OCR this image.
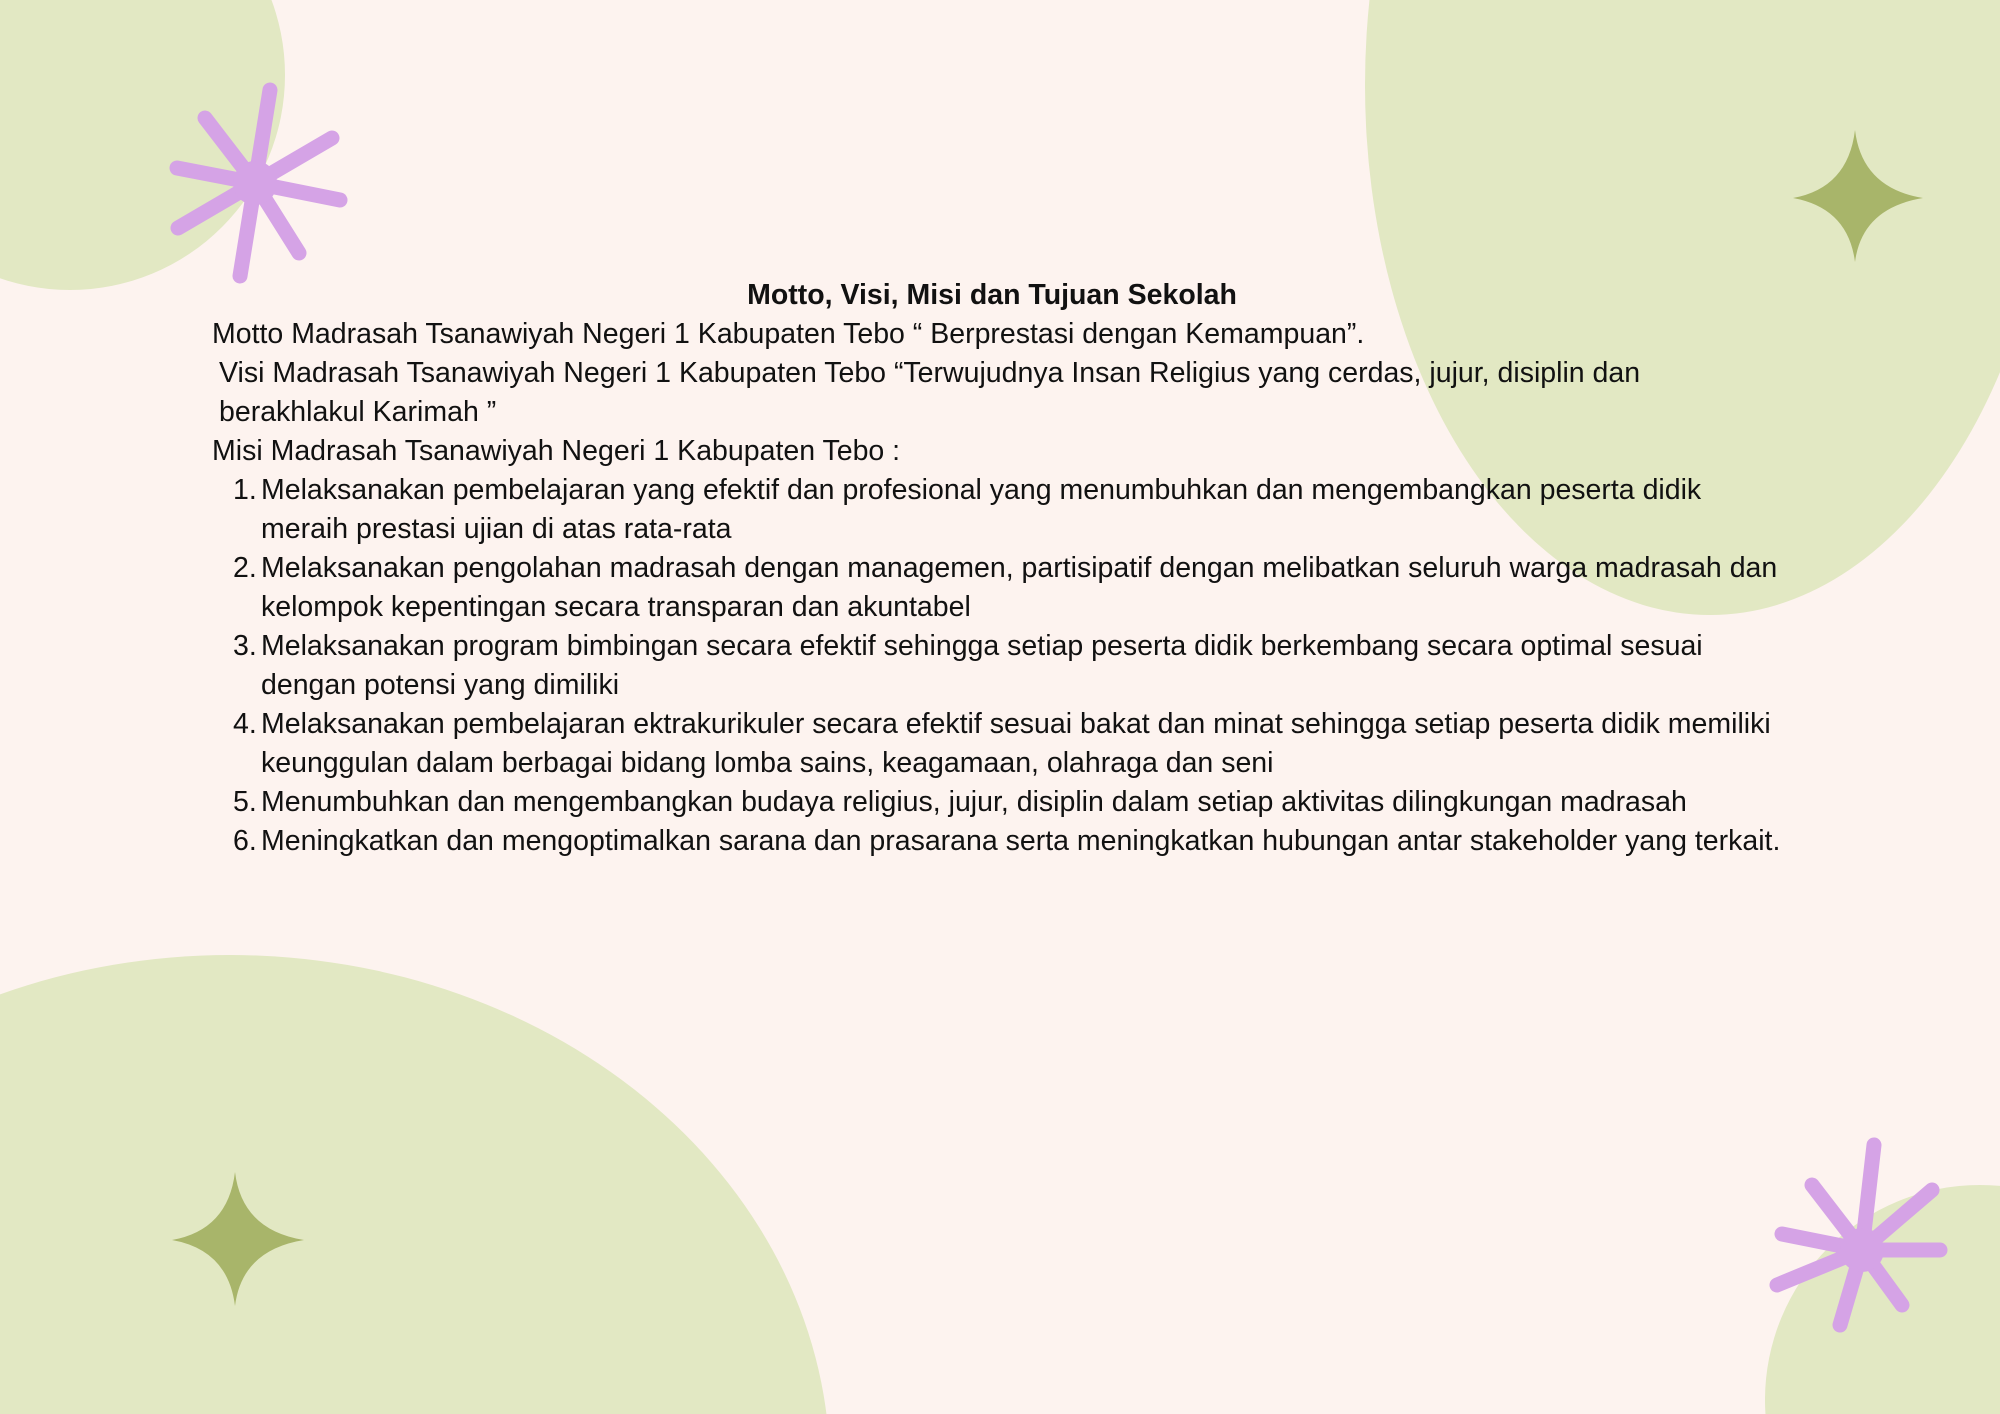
Motto, Visi, Misi dan Tujuan Sekolah

Motto Madrasah Tsanawiyah Negeri 1 Kabupaten Tebo “ Berprestasi dengan Kemampuan”.

Visi Madrasah Tsanawiyah Negeri 1 Kabupaten Tebo “Terwujudnya Insan Religius yang cerdas, jujur, disiplin dan berakhlakul Karimah ”

Misi Madrasah Tsanawiyah Negeri 1 Kabupaten Tebo :

1. Melaksanakan pembelajaran yang efektif dan profesional yang menumbuhkan dan mengembangkan peserta didik meraih prestasi ujian di atas rata-rata
2. Melaksanakan pengolahan madrasah dengan managemen, partisipatif dengan melibatkan seluruh warga madrasah dan kelompok kepentingan secara transparan dan akuntabel
3. Melaksanakan program bimbingan secara efektif sehingga setiap peserta didik berkembang secara optimal sesuai dengan potensi yang dimiliki
4. Melaksanakan pembelajaran ektrakurikuler secara efektif sesuai bakat dan minat sehingga setiap peserta didik memiliki keunggulan dalam berbagai bidang lomba sains, keagamaan, olahraga dan seni
5. Menumbuhkan dan mengembangkan budaya religius, jujur, disiplin dalam setiap aktivitas dilingkungan madrasah
6. Meningkatkan dan mengoptimalkan sarana dan prasarana serta meningkatkan hubungan antar stakeholder yang terkait.
